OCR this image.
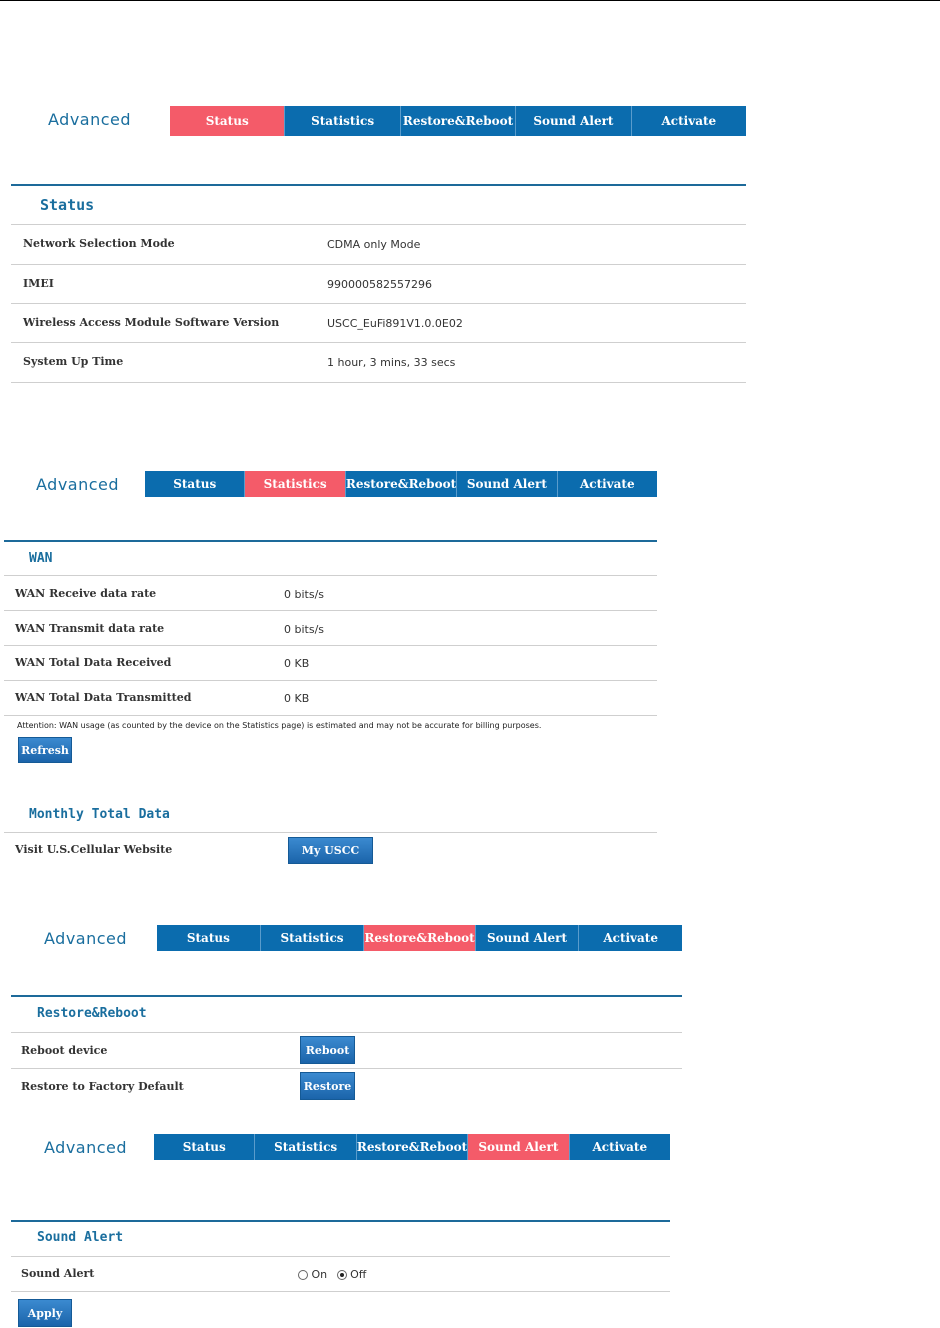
Advanced	Status	Statistics	Restore&Reboot	Sound Alert	Activate
Status
Network Selection Mode	CDMA only Mode
IMEI	990000582557296
Wireless Access Module Software Version	USCC_EuFi891V1.0.0E02
System Up Time	1 hour, 3 mins, 33 secs
Advanced	Status	Statistics	Restore&Reboot Sound Alert	Activate
WAN
WAN Receive data rate	0 bits/s
WAN Transmit data rate	0 bits/s
WAN Total Data Received	0 KB
WAN Total Data Transmitted	0 KB
Attention: WAN usage (as counted by the device on the Statistics page) is estimated and may not be accurate for billing purposes.
Refresh
Monthly Total Data
Visit U.S.Cellular Website	My USCC
Advanced	Status	Statistics	Restore&Reboot	Sound Alert	Activate
Restore&Reboot
Reboot device	Reboot
Restore to Factory Default	Restore
Advanced	Status	Statistics	Restore&Reboot Sound Alert	Activate
Sound Alert
Sound Alert	On Off
Apply
